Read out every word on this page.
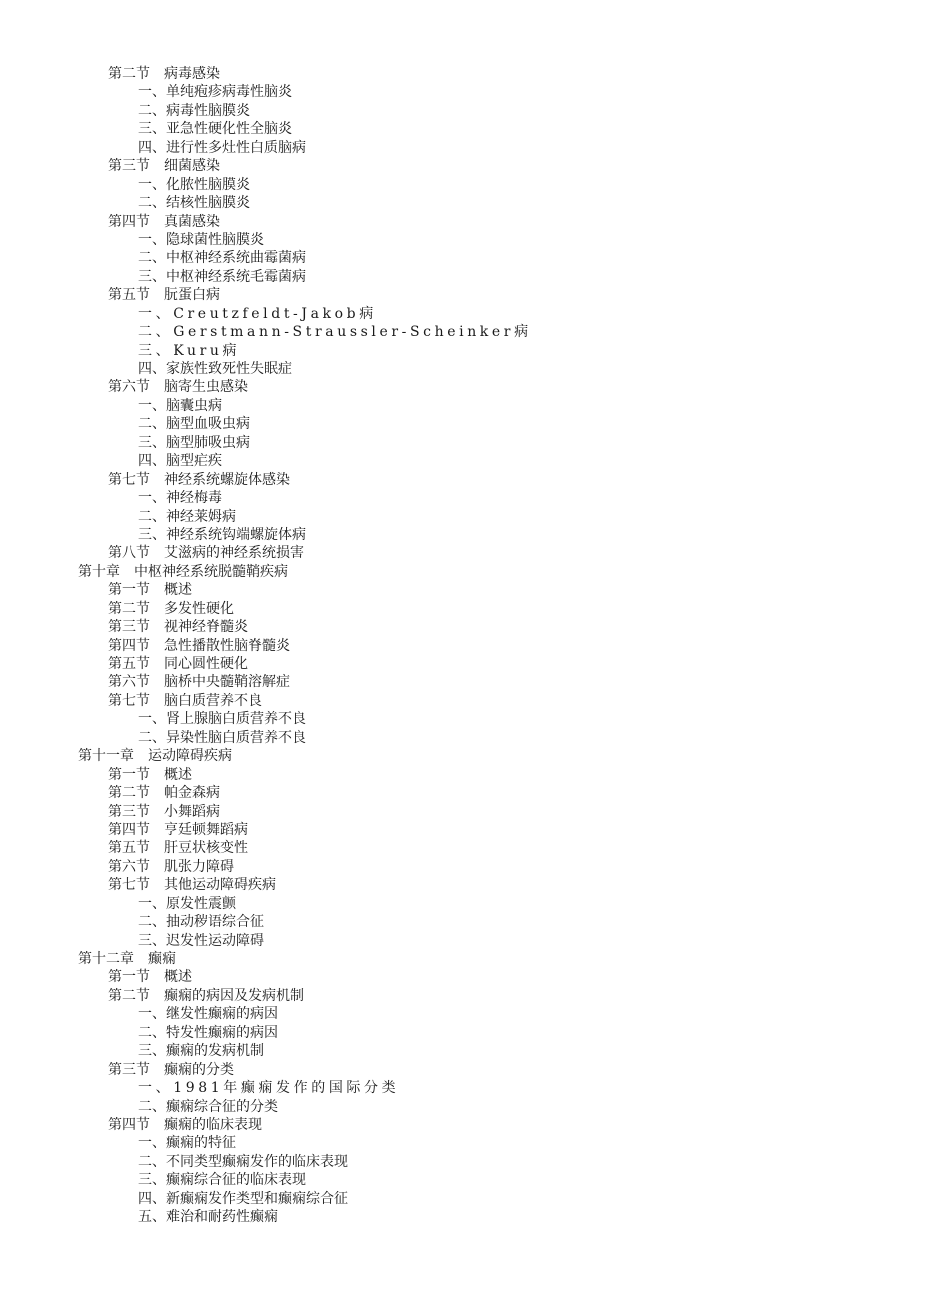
第二节　病毒感染
一、单纯疱疹病毒性脑炎
二、病毒性脑膜炎
三、亚急性硬化性全脑炎
四、进行性多灶性白质脑病
第三节　细菌感染
一、化脓性脑膜炎
二、结核性脑膜炎
第四节　真菌感染
一、隐球菌性脑膜炎
二、中枢神经系统曲霉菌病
三、中枢神经系统毛霉菌病
第五节　朊蛋白病
一、Creutzfeldt-Jakob病
二、Gerstmann-Straussler-Scheinker病
三、Kuru病
四、家族性致死性失眠症
第六节　脑寄生虫感染
一、脑囊虫病
二、脑型血吸虫病
三、脑型肺吸虫病
四、脑型疟疾
第七节　神经系统螺旋体感染
一、神经梅毒
二、神经莱姆病
三、神经系统钩端螺旋体病
第八节　艾滋病的神经系统损害
第十章　中枢神经系统脱髓鞘疾病
第一节　概述
第二节　多发性硬化
第三节　视神经脊髓炎
第四节　急性播散性脑脊髓炎
第五节　同心圆性硬化
第六节　脑桥中央髓鞘溶解症
第七节　脑白质营养不良
一、肾上腺脑白质营养不良
二、异染性脑白质营养不良
第十一章　运动障碍疾病
第一节　概述
第二节　帕金森病
第三节　小舞蹈病
第四节　亨廷顿舞蹈病
第五节　肝豆状核变性
第六节　肌张力障碍
第七节　其他运动障碍疾病
一、原发性震颤
二、抽动秽语综合征
三、迟发性运动障碍
第十二章　癫痫
第一节　概述
第二节　癫痫的病因及发病机制
一、继发性癫痫的病因
二、特发性癫痫的病因
三、癫痫的发病机制
第三节　癫痫的分类
一、1981年癫痫发作的国际分类
二、癫痫综合征的分类
第四节　癫痫的临床表现
一、癫痫的特征
二、不同类型癫痫发作的临床表现
三、癫痫综合征的临床表现
四、新癫痫发作类型和癫痫综合征
五、难治和耐药性癫痫
